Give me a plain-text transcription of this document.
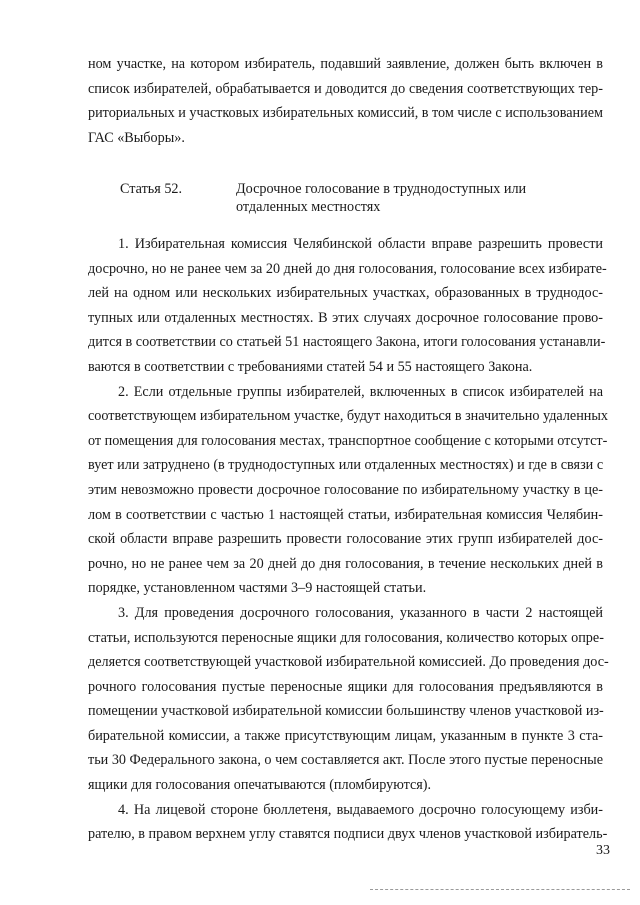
ном участке, на котором избиратель, подавший заявление, должен быть включен в
список избирателей, обрабатывается и доводится до сведения соответствующих тер-
риториальных и участковых избирательных комиссий, в том числе с использованием
ГАС «Выборы».
Статья 52.	Досрочное голосование в труднодоступных или отдаленных местностях
1. Избирательная комиссия Челябинской области вправе разрешить провести
досрочно, но не ранее чем за 20 дней до дня голосования, голосование всех избирате-
лей на одном или нескольких избирательных участках, образованных в труднодос-
тупных или отдаленных местностях. В этих случаях досрочное голосование прово-
дится в соответствии со статьей 51 настоящего Закона, итоги голосования устанавли-
ваются в соответствии с требованиями статей 54 и 55 настоящего Закона.
2. Если отдельные группы избирателей, включенных в список избирателей на
соответствующем избирательном участке, будут находиться в значительно удаленных
от помещения для голосования местах, транспортное сообщение с которыми отсутст-
вует или затруднено (в труднодоступных или отдаленных местностях) и где в связи с
этим невозможно провести досрочное голосование по избирательному участку в це-
лом в соответствии с частью 1 настоящей статьи, избирательная комиссия Челябин-
ской области вправе разрешить провести голосование этих групп избирателей дос-
рочно, но не ранее чем за 20 дней до дня голосования, в течение нескольких дней в
порядке, установленном частями 3–9 настоящей статьи.
3. Для проведения досрочного голосования, указанного в части 2 настоящей
статьи, используются переносные ящики для голосования, количество которых опре-
деляется соответствующей участковой избирательной комиссией. До проведения дос-
рочного голосования пустые переносные ящики для голосования предъявляются в
помещении участковой избирательной комиссии большинству членов участковой из-
бирательной комиссии, а также присутствующим лицам, указанным в пункте 3 ста-
тьи 30 Федерального закона, о чем составляется акт. После этого пустые переносные
ящики для голосования опечатываются (пломбируются).
4. На лицевой стороне бюллетеня, выдаваемого досрочно голосующему изби-
рателю, в правом верхнем углу ставятся подписи двух членов участковой избиратель-
33
